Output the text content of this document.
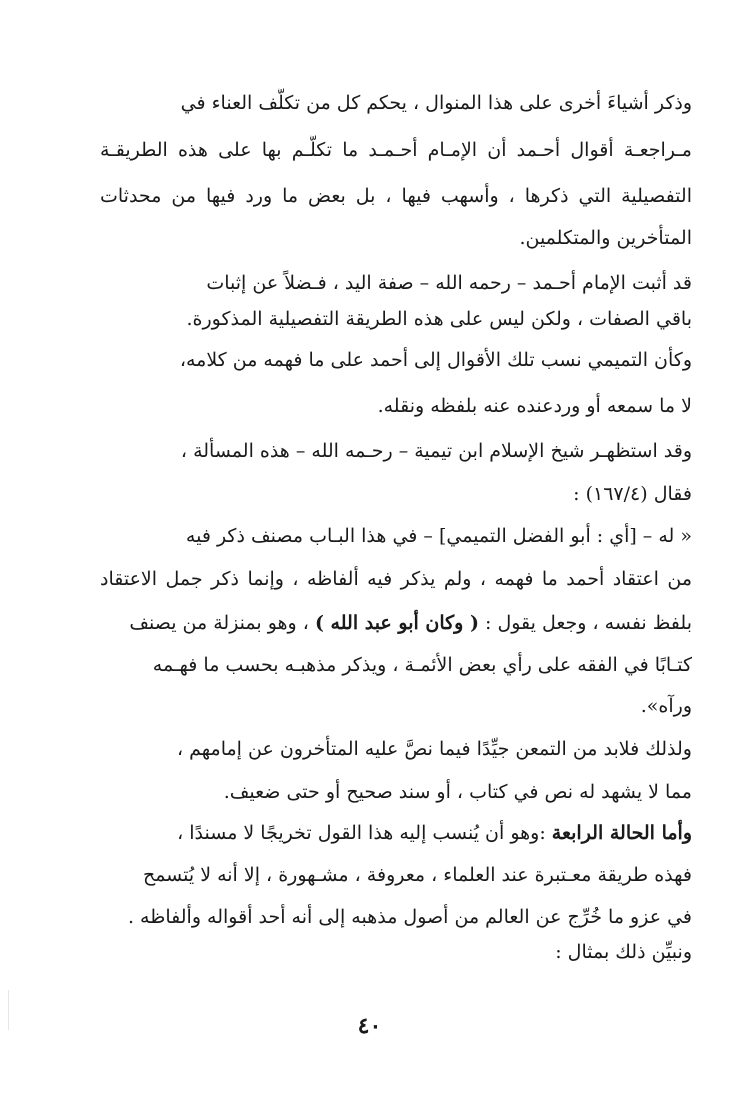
وذكر أشياءَ أخرى على هذا المنوال ، يحكم كل من تكلَّف العناء في
مـراجعـة أقوال أحـمد أن الإمـام أحـمـد ما تكلَّـم بها على هذه الطريقـة
التفصيلية التي ذكرها ، وأسهب فيها ، بل بعض ما ورد فيها من محدثات
المتأخرين والمتكلمين.
قد أثبت الإمام أحـمد – رحمه الله – صفة اليد ، فـضلاً عن إثبات
باقي الصفات ، ولكن ليس على هذه الطريقة التفصيلية المذكورة.
وكأن التميمي نسب تلك الأقوال إلى أحمد على ما فهمه من كلامه،
لا ما سمعه أو وردعنده عنه بلفظه ونقله.
وقد استظهـر شيخ الإسلام ابن تيمية – رحـمه الله – هذه المسألة ،
فقال (١٦٧/٤) :
« له – [أي : أبو الفضل التميمي] – في هذا البـاب مصنف ذكر فيه
من اعتقاد أحمد ما فهمه ، ولم يذكر فيه ألفاظه ، وإنما ذكر جمل الاعتقاد
بلفظ نفسه ، وجعل يقول : ( وكان أبو عبد الله ) ، وهو بمنزلة من يصنف
كتـابًا في الفقه على رأي بعض الأئمـة ، ويذكر مذهبـه بحسب ما فهـمه
ورآه».
ولذلك فلابد من التمعن جيِّدًا فيما نصَّ عليه المتأخرون عن إمامهم ،
مما لا يشهد له نص في كتاب ، أو سند صحيح أو حتى ضعيف.
وأما الحالة الرابعة :وهو أن يُنسب إليه هذا القول تخريجًا لا مسندًا ،
فهذه طريقة معـتبرة عند العلماء ، معروفة ، مشـهورة ، إلا أنه لا يُتسمح
في عزو ما خُرِّج عن العالم من أصول مذهبه إلى أنه أحد أقواله وألفاظه .
ونبيِّن ذلك بمثال :
٤٠
